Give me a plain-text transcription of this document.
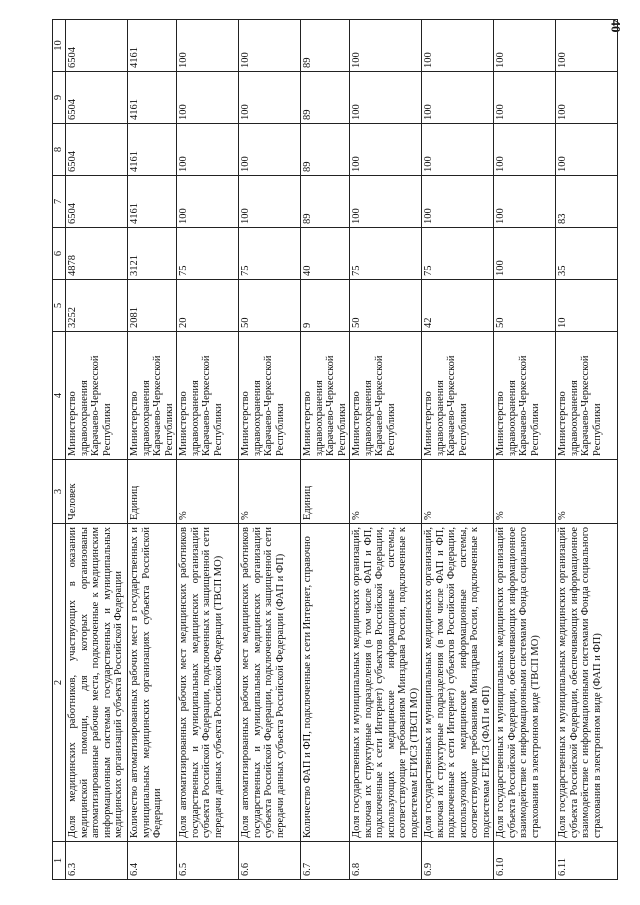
40
1	2	3	4	5	6	7	8	9	10
6.3	Доля медицинских работников, участвующих в оказании медицинской помощи, для которых организованы автоматизированные рабочие места, подключенные к медицинским информационным системам государственных и муниципальных медицинских организаций субъекта Российской Федерации	Человек	Министерство здравоохранения Карачаево-Черкесской Республики	3252	4878	6504	6504	6504	6504
6.4	Количество автоматизированных рабочих мест в государственных и муниципальных медицинских организациях субъекта Российской Федерации	Единиц	Министерство здравоохранения Карачаево-Черкесской Республики	2081	3121	4161	4161	4161	4161
6.5	Доля автоматизированных рабочих мест медицинских работников государственных и муниципальных медицинских организаций субъекта Российской Федерации, подключенных к защищенной сети передачи данных субъекта Российской Федерации (ТВСП МО)	%	Министерство здравоохранения Карачаево-Черкесской Республики	20	75	100	100	100	100
6.6	Доля автоматизированных рабочих мест медицинских работников государственных и муниципальных медицинских организаций субъекта Российской Федерации, подключенных к защищенной сети передачи данных субъекта Российской Федерации (ФАП и ФП)	%	Министерство здравоохранения Карачаево-Черкесской Республики	50	75	100	100	100	100
6.7	Количество ФАП и ФП, подключенные к сети Интернет, справочно	Единиц	Министерство здравоохранения Карачаево-Черкесской Республики	9	40	89	89	89	89
6.8	Доля государственных и муниципальных медицинских организаций, включая их структурные подразделения (в том числе ФАП и ФП, подключенные к сети Интернет) субъектов Российской Федерации, использующих медицинские информационные системы, соответствующие требованиям Минздрава России, подключенные к подсистемам ЕГИСЗ (ТВСП МО)	%	Министерство здравоохранения Карачаево-Черкесской Республики	50	75	100	100	100	100
6.9	Доля государственных и муниципальных медицинских организаций, включая их структурные подразделения (в том числе ФАП и ФП, подключенные к сети Интернет) субъектов Российской Федерации, использующих медицинские информационные системы, соответствующие требованиям Минздрава России, подключенные к подсистемам ЕГИСЗ (ФАП и ФП)	%	Министерство здравоохранения Карачаево-Черкесской Республики	42	75	100	100	100	100
6.10	Доля государственных и муниципальных медицинских организаций субъекта Российской Федерации, обеспечивающих информационное взаимодействие с информационными системами Фонда социального страхования в электронном виде (ТВСП МО)	%	Министерство здравоохранения Карачаево-Черкесской Республики	50	100	100	100	100	100
6.11	Доля государственных и муниципальных медицинских организаций субъекта Российской Федерации, обеспечивающих информационное взаимодействие с информационными системами Фонда социального страхования в электронном виде (ФАП и ФП)	%	Министерство здравоохранения Карачаево-Черкесской Республики	10	35	83	100	100	100
